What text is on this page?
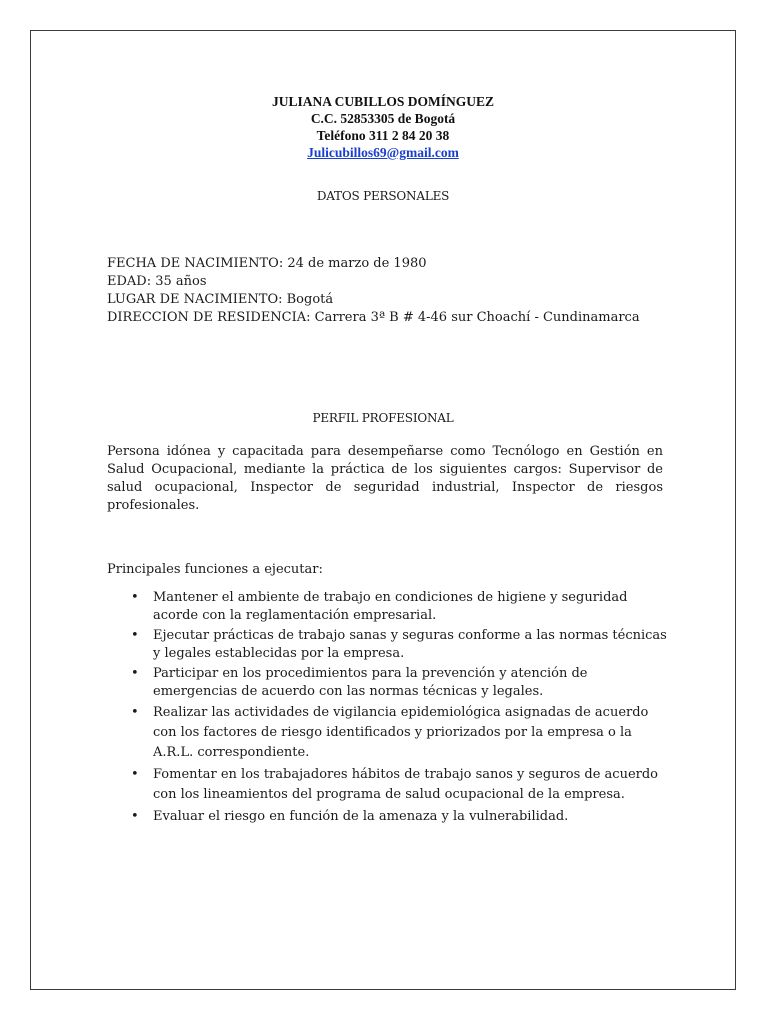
JULIANA CUBILLOS DOMÍNGUEZ
C.C. 52853305 de Bogotá
Teléfono 311 2 84 20 38
Julicubillos69@gmail.com
DATOS PERSONALES
FECHA DE NACIMIENTO: 24 de marzo de 1980
EDAD: 35 años
LUGAR DE NACIMIENTO: Bogotá
DIRECCION DE RESIDENCIA: Carrera 3ª B # 4-46 sur Choachí - Cundinamarca
PERFIL PROFESIONAL
Persona idónea y capacitada para desempeñarse como Tecnólogo en Gestión en Salud Ocupacional, mediante la práctica de los siguientes cargos: Supervisor de salud ocupacional, Inspector de seguridad industrial, Inspector de riesgos profesionales.
Principales funciones a ejecutar:
• Mantener el ambiente de trabajo en condiciones de higiene y seguridad acorde con la reglamentación empresarial.
• Ejecutar prácticas de trabajo sanas y seguras conforme a las normas técnicas y legales establecidas por la empresa.
• Participar en los procedimientos para la prevención y atención de emergencias de acuerdo con las normas técnicas y legales.
• Realizar las actividades de vigilancia epidemiológica asignadas de acuerdo con los factores de riesgo identificados y priorizados por la empresa o la A.R.L. correspondiente.
• Fomentar en los trabajadores hábitos de trabajo sanos y seguros de acuerdo con los lineamientos del programa de salud ocupacional de la empresa.
• Evaluar el riesgo en función de la amenaza y la vulnerabilidad.
